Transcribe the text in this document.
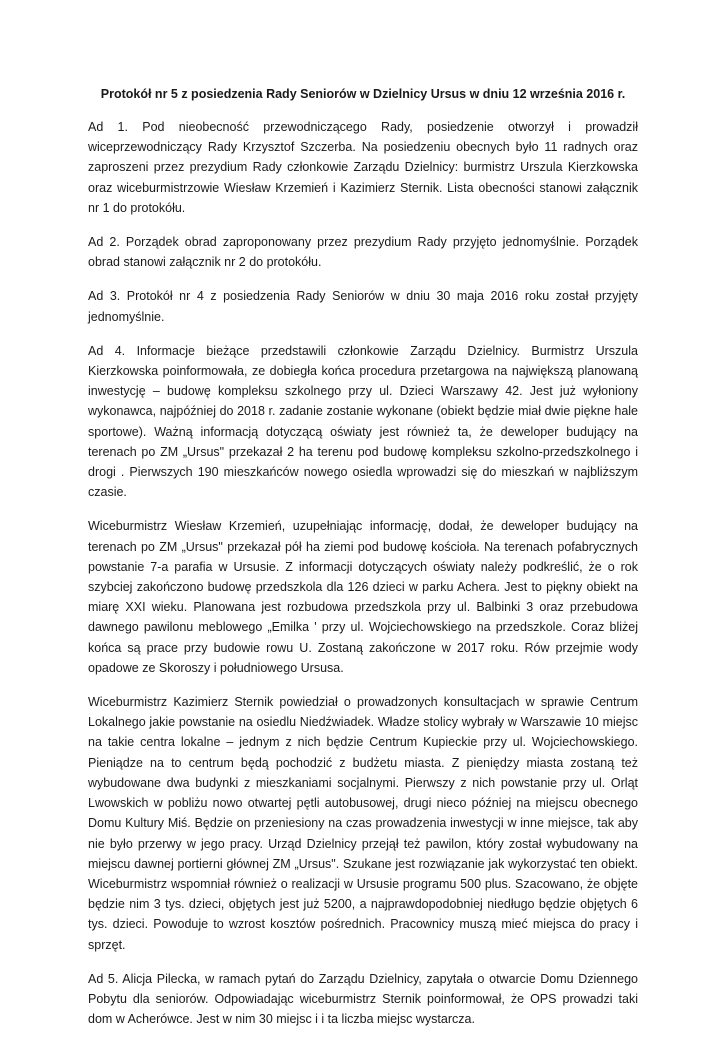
Protokół nr 5 z posiedzenia Rady Seniorów w Dzielnicy Ursus w dniu 12 września 2016 r.

Ad 1. Pod nieobecność przewodniczącego Rady, posiedzenie otworzył i prowadził wiceprzewodniczący Rady Krzysztof Szczerba. Na posiedzeniu obecnych było 11 radnych oraz zaproszeni przez prezydium Rady członkowie Zarządu Dzielnicy: burmistrz Urszula Kierzkowska oraz wiceburmistrzowie Wiesław Krzemień i Kazimierz Sternik. Lista obecności stanowi załącznik nr 1 do protokółu.

Ad 2. Porządek obrad zaproponowany przez prezydium Rady przyjęto jednomyślnie. Porządek obrad stanowi załącznik nr 2 do protokółu.

Ad 3. Protokół nr 4 z posiedzenia Rady Seniorów w dniu 30 maja 2016 roku został przyjęty jednomyślnie.

Ad 4. Informacje bieżące przedstawili członkowie Zarządu Dzielnicy. Burmistrz Urszula Kierzkowska poinformowała, ze dobiegła końca procedura przetargowa na największą planowaną inwestycję – budowę kompleksu szkolnego przy ul. Dzieci Warszawy 42. Jest już wyłoniony wykonawca, najpóźniej do 2018 r. zadanie zostanie wykonane (obiekt będzie miał dwie piękne hale sportowe). Ważną informacją dotyczącą oświaty jest również ta, że deweloper budujący na terenach po ZM „Ursus" przekazał 2 ha terenu pod budowę kompleksu szkolno-przedszkolnego i drogi . Pierwszych 190 mieszkańców nowego osiedla wprowadzi się do mieszkań w najbliższym czasie.

Wiceburmistrz Wiesław Krzemień, uzupełniając informację, dodał, że deweloper budujący na terenach po ZM „Ursus" przekazał pół ha ziemi pod budowę kościoła. Na terenach pofabrycznych powstanie 7-a parafia w Ursusie. Z informacji dotyczących oświaty należy podkreślić, że o rok szybciej zakończono budowę przedszkola dla 126 dzieci w parku Achera. Jest to piękny obiekt na miarę XXI wieku. Planowana jest rozbudowa przedszkola przy ul. Balbinki 3 oraz przebudowa dawnego pawilonu meblowego „Emilka ' przy ul. Wojciechowskiego na przedszkole. Coraz bliżej końca są prace przy budowie rowu U. Zostaną zakończone w 2017 roku. Rów przejmie wody opadowe ze Skoroszy i południowego Ursusa.

Wiceburmistrz Kazimierz Sternik powiedział o prowadzonych konsultacjach w sprawie Centrum Lokalnego jakie powstanie na osiedlu Niedźwiadek. Władze stolicy wybrały w Warszawie 10 miejsc na takie centra lokalne – jednym z nich będzie Centrum Kupieckie przy ul. Wojciechowskiego. Pieniądze na to centrum będą pochodzić z budżetu miasta. Z pieniędzy miasta zostaną też wybudowane dwa budynki z mieszkaniami socjalnymi. Pierwszy z nich powstanie przy ul. Orląt Lwowskich w pobliżu nowo otwartej pętli autobusowej, drugi nieco później na miejscu obecnego Domu Kultury Miś. Będzie on przeniesiony na czas prowadzenia inwestycji w inne miejsce, tak aby nie było przerwy w jego pracy. Urząd Dzielnicy przejął też pawilon, który został wybudowany na miejscu dawnej portierni głównej ZM „Ursus". Szukane jest rozwiązanie jak wykorzystać ten obiekt. Wiceburmistrz wspomniał również o realizacji w Ursusie programu 500 plus. Szacowano, że objęte będzie nim 3 tys. dzieci, objętych jest już 5200, a najprawdopodobniej niedługo będzie objętych 6 tys. dzieci. Powoduje to wzrost kosztów pośrednich. Pracownicy muszą mieć miejsca do pracy i sprzęt.

Ad 5. Alicja Pilecka, w ramach pytań do Zarządu Dzielnicy, zapytała o otwarcie Domu Dziennego Pobytu dla seniorów. Odpowiadając wiceburmistrz Sternik poinformował, że OPS prowadzi taki dom w Acherówce. Jest w nim 30 miejsc i i ta liczba miejsc wystarcza.
